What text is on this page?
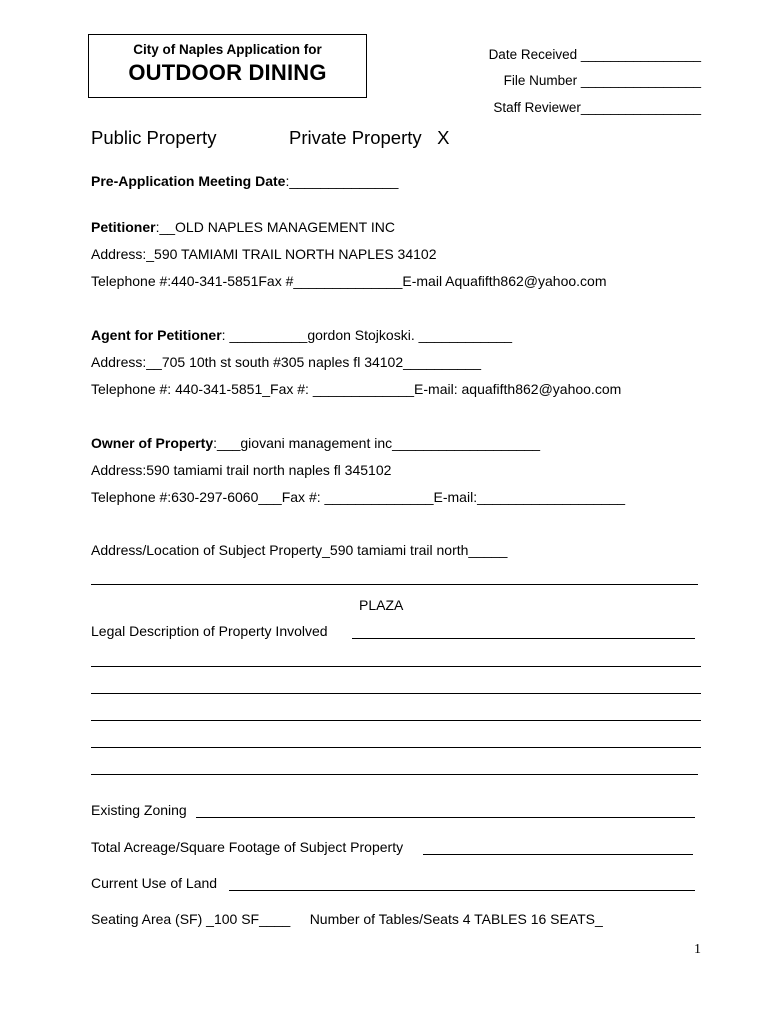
City of Naples Application for
OUTDOOR DINING
Date Received ________________
File Number ________________
Staff Reviewer________________
Public Property	Private Property X
Pre-Application Meeting Date:______________
Petitioner:__OLD NAPLES MANAGEMENT INC
Address:_590 TAMIAMI TRAIL NORTH NAPLES 34102
Telephone #:440-341-5851Fax #______________E-mail Aquafifth862@yahoo.com
Agent for Petitioner: __________gordon Stojkoski. ____________
Address:__705 10th st south #305 naples fl 34102__________
Telephone #: 440-341-5851_Fax #: _____________E-mail: aquafifth862@yahoo.com
Owner of Property:___giovani management inc___________________
Address:590 tamiami trail north naples fl 345102
Telephone #:630-297-6060___Fax #: ______________E-mail:___________________
Address/Location of Subject Property_590 tamiami trail north_____
PLAZA
Legal Description of Property Involved
Existing Zoning
Total Acreage/Square Footage of Subject Property
Current Use of Land
Seating Area (SF) _100 SF____ Number of Tables/Seats 4 TABLES 16 SEATS_
1
